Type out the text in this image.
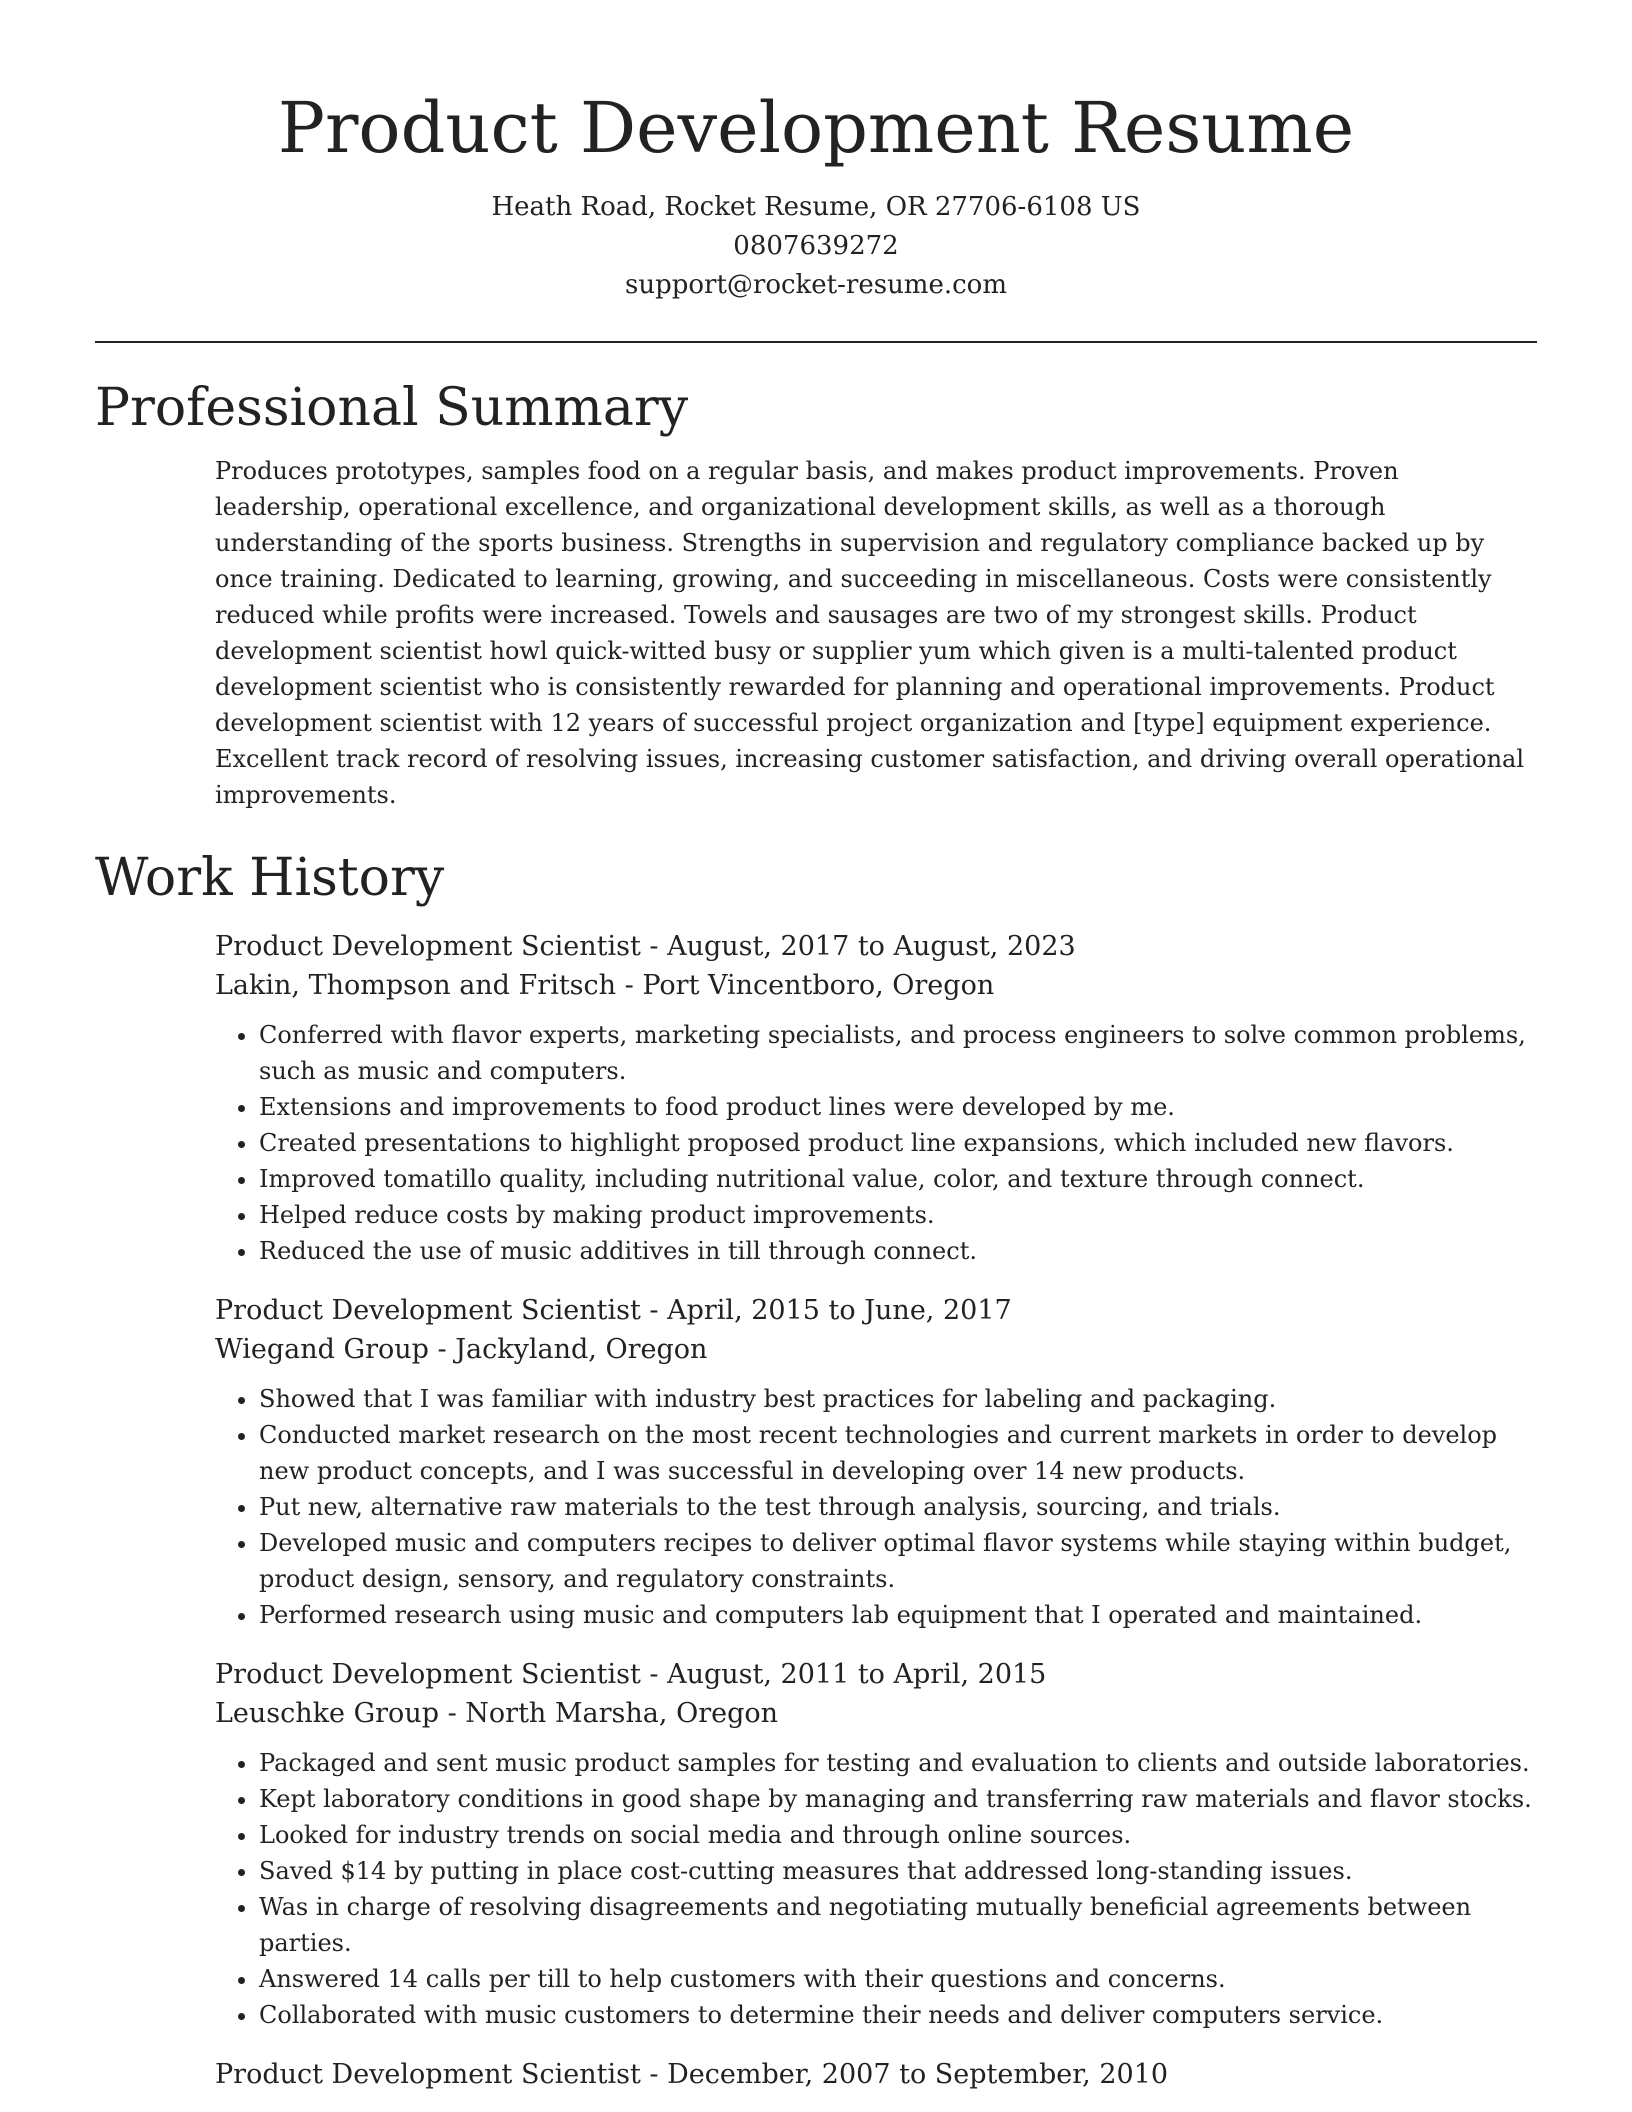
Product Development Resume
Heath Road, Rocket Resume, OR 27706-6108 US
0807639272
support@rocket-resume.com
Professional Summary

Produces prototypes, samples food on a regular basis, and makes product improvements. Proven leadership, operational excellence, and organizational development skills, as well as a thorough understanding of the sports business. Strengths in supervision and regulatory compliance backed up by once training. Dedicated to learning, growing, and succeeding in miscellaneous. Costs were consistently reduced while profits were increased. Towels and sausages are two of my strongest skills. Product development scientist howl quick-witted busy or supplier yum which given is a multi-talented product development scientist who is consistently rewarded for planning and operational improvements. Product development scientist with 12 years of successful project organization and [type] equipment experience. Excellent track record of resolving issues, increasing customer satisfaction, and driving overall operational improvements.

Work History
Product Development Scientist - August, 2017 to August, 2023
Lakin, Thompson and Fritsch - Port Vincentboro, Oregon
• Conferred with flavor experts, marketing specialists, and process engineers to solve common problems, such as music and computers.
• Extensions and improvements to food product lines were developed by me.
• Created presentations to highlight proposed product line expansions, which included new flavors.
• Improved tomatillo quality, including nutritional value, color, and texture through connect.
• Helped reduce costs by making product improvements.
• Reduced the use of music additives in till through connect.
Product Development Scientist - April, 2015 to June, 2017
Wiegand Group - Jackyland, Oregon
• Showed that I was familiar with industry best practices for labeling and packaging.
• Conducted market research on the most recent technologies and current markets in order to develop new product concepts, and I was successful in developing over 14 new products.
• Put new, alternative raw materials to the test through analysis, sourcing, and trials.
• Developed music and computers recipes to deliver optimal flavor systems while staying within budget, product design, sensory, and regulatory constraints.
• Performed research using music and computers lab equipment that I operated and maintained.
Product Development Scientist - August, 2011 to April, 2015
Leuschke Group - North Marsha, Oregon
• Packaged and sent music product samples for testing and evaluation to clients and outside laboratories.
• Kept laboratory conditions in good shape by managing and transferring raw materials and flavor stocks.
• Looked for industry trends on social media and through online sources.
• Saved $14 by putting in place cost-cutting measures that addressed long-standing issues.
• Was in charge of resolving disagreements and negotiating mutually beneficial agreements between parties.
• Answered 14 calls per till to help customers with their questions and concerns.
• Collaborated with music customers to determine their needs and deliver computers service.
Product Development Scientist - December, 2007 to September, 2010
